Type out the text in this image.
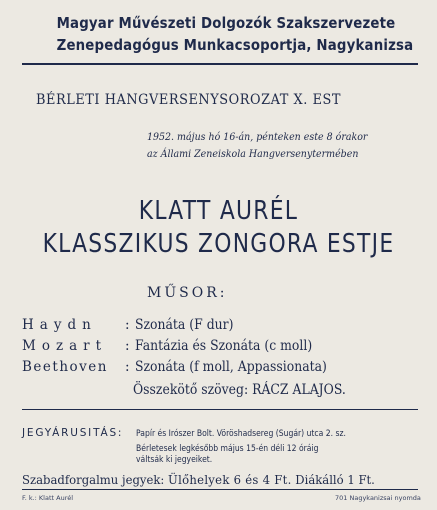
Magyar Művészeti Dolgozók Szakszervezete
Zenepedagógus Munkacsoportja, Nagykanizsa
BÉRLETI HANGVERSENYSOROZAT X. EST
1952. május hó 16-án, pénteken este 8 órakor
az Állami Zeneiskola Hangversenytermében
KLATT AURÉL
KLASSZIKUS ZONGORA ESTJE
MŰSOR:
Haydn : Szonáta (F dur)
Mozart : Fantázia és Szonáta (c moll)
Beethoven : Szonáta (f moll, Appassionata)
Összekötő szöveg: RÁCZ ALAJOS.
JEGYÁRUSITÁS: Papír és Irószer Bolt. Vöröshadsereg (Sugár) utca 2. sz.
Bérletesek legkésőbb május 15-én déli 12 óráig
váltsák ki jegyeiket.
Szabadforgalmu jegyek: Ülőhelyek 6 és 4 Ft. Diákálló 1 Ft.
F. k.: Klatt Aurél	701 Nagykanizsai nyomda
